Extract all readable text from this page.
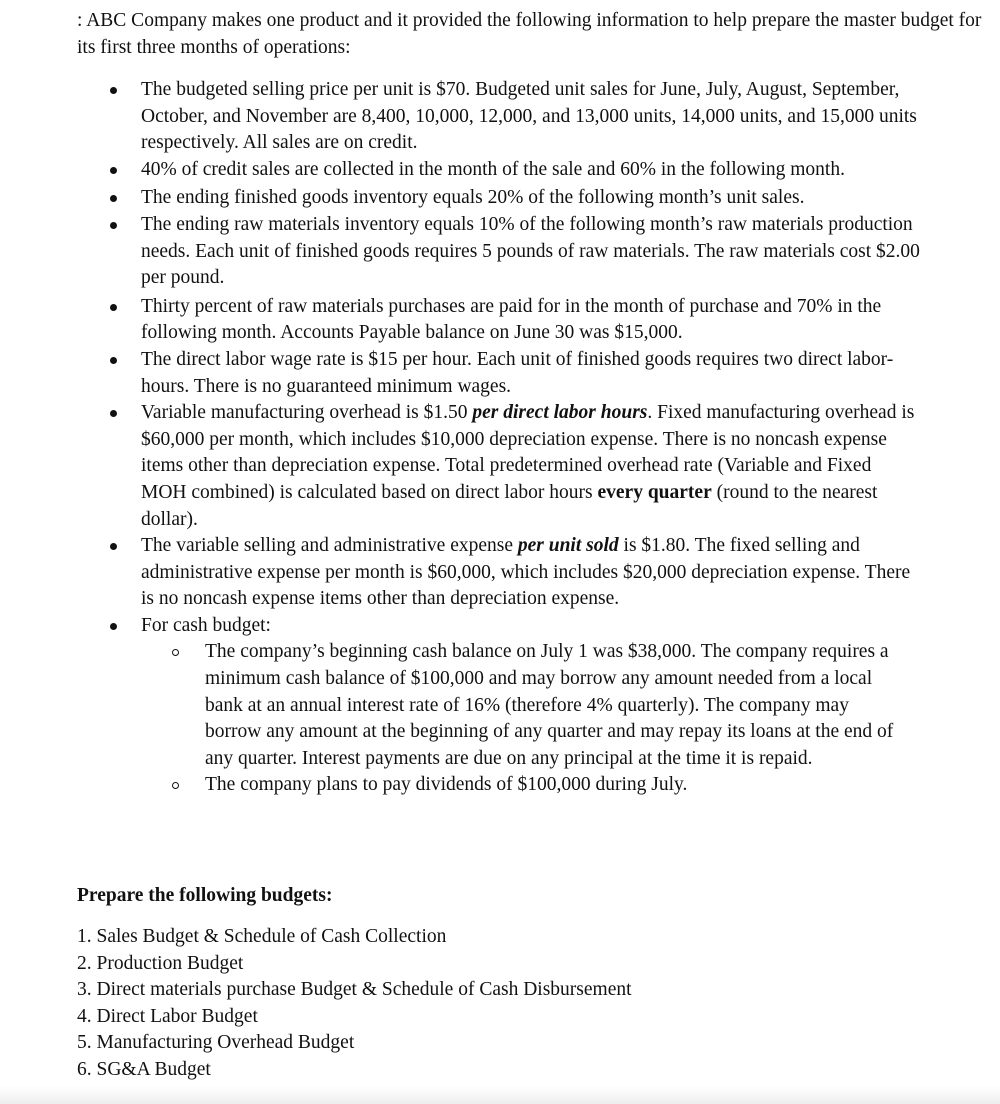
: ABC Company makes one product and it provided the following information to help prepare the master budget for its first three months of operations:

The budgeted selling price per unit is $70. Budgeted unit sales for June, July, August, September, October, and November are 8,400, 10,000, 12,000, and 13,000 units, 14,000 units, and 15,000 units respectively. All sales are on credit.
40% of credit sales are collected in the month of the sale and 60% in the following month.
The ending finished goods inventory equals 20% of the following month’s unit sales.
The ending raw materials inventory equals 10% of the following month’s raw materials production needs. Each unit of finished goods requires 5 pounds of raw materials. The raw materials cost $2.00 per pound.
Thirty percent of raw materials purchases are paid for in the month of purchase and 70% in the following month. Accounts Payable balance on June 30 was $15,000.
The direct labor wage rate is $15 per hour. Each unit of finished goods requires two direct labor-hours. There is no guaranteed minimum wages.
Variable manufacturing overhead is $1.50 per direct labor hours. Fixed manufacturing overhead is $60,000 per month, which includes $10,000 depreciation expense. There is no noncash expense items other than depreciation expense. Total predetermined overhead rate (Variable and Fixed MOH combined) is calculated based on direct labor hours every quarter (round to the nearest dollar).
The variable selling and administrative expense per unit sold is $1.80. The fixed selling and administrative expense per month is $60,000, which includes $20,000 depreciation expense. There is no noncash expense items other than depreciation expense.
For cash budget:
The company’s beginning cash balance on July 1 was $38,000. The company requires a minimum cash balance of $100,000 and may borrow any amount needed from a local bank at an annual interest rate of 16% (therefore 4% quarterly). The company may borrow any amount at the beginning of any quarter and may repay its loans at the end of any quarter. Interest payments are due on any principal at the time it is repaid.
The company plans to pay dividends of $100,000 during July.

Prepare the following budgets:

1. Sales Budget & Schedule of Cash Collection
2. Production Budget
3. Direct materials purchase Budget & Schedule of Cash Disbursement
4. Direct Labor Budget
5. Manufacturing Overhead Budget
6. SG&A Budget
